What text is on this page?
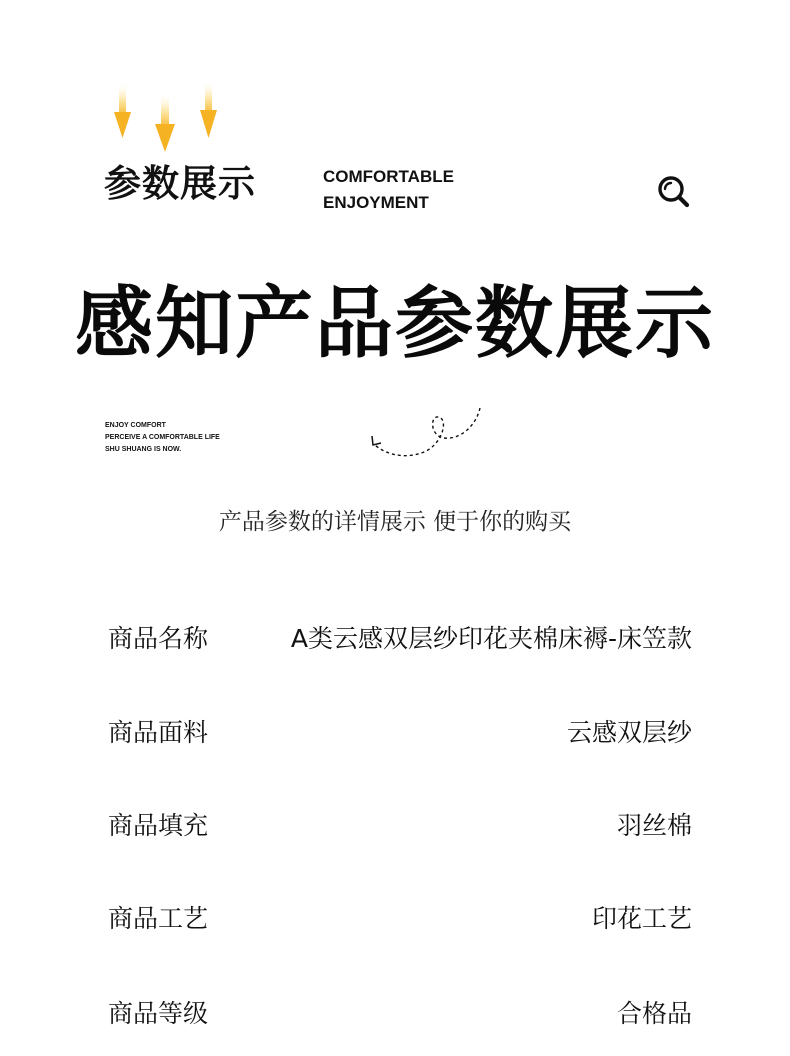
参数展示	COMFORTABLE
ENJOYMENT
感知产品参数展示
ENJOY COMFORT
PERCEIVE A COMFORTABLE LIFE
SHU SHUANG IS NOW.
产品参数的详情展示 便于你的购买
商品名称	A类云感双层纱印花夹棉床褥-床笠款
商品面料	云感双层纱
商品填充	羽丝棉
商品工艺	印花工艺
商品等级	合格品
